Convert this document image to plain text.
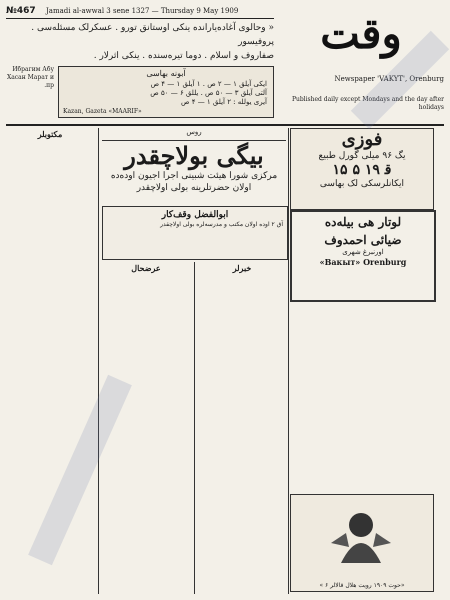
№467 Jamadi al-awwal 3 sene 1327 — Thursday 9 May 1909
« وحالوی آغاده‌یارانده ینکی اوستانق تورو . عسکرلک مسئله‌سی . پروفیسور
صفاروف و اسلام . دوما تیره‌سنده . ینکی اثرلار .
Ибрагим Абу Хасан Марат и пр.
آبونه بهاسی
ایکی آیلق ۱ — ۲ ص . ۱ آیلق ۱ — ۴ ص
آلتی آیلق ۳ — ۵۰ ص . یللق ۶ — ۵۰ ص
آیری یولله : ۲ آیلق ۱ — ۴ ص
Kazan, Gazeta «MAARIF»
وقت
Newspaper 'VAKYT', Orenburg
Published daily except Mondays and the day after holidays
مکتوبلر	روس
بیگی بولاچقدر
مرکزی شورا هیئت شبینی اجرا اجیون اوده‌ده اولان حضرتلرینه بولی اولاچقدر
ابوالفضل وقف‌کار
آق ۲ اوده اولان مکتب و مدرسه‌لره بولی اولاچقدر
عرضحال	خبرلر
فوزی
یگ ۹۶ میلی گورل طبیع
۱۵ ق‍ ۱۹ ۵
ایکانلرسکی لک بهاسی
لوتار هی بیله‌ده
ضیائی احمدوف
اورنبرغ شهری
«Вакыт» Orenburg
« ۶ حوت ۱۹۰۹ رویت هلال قالالر»
